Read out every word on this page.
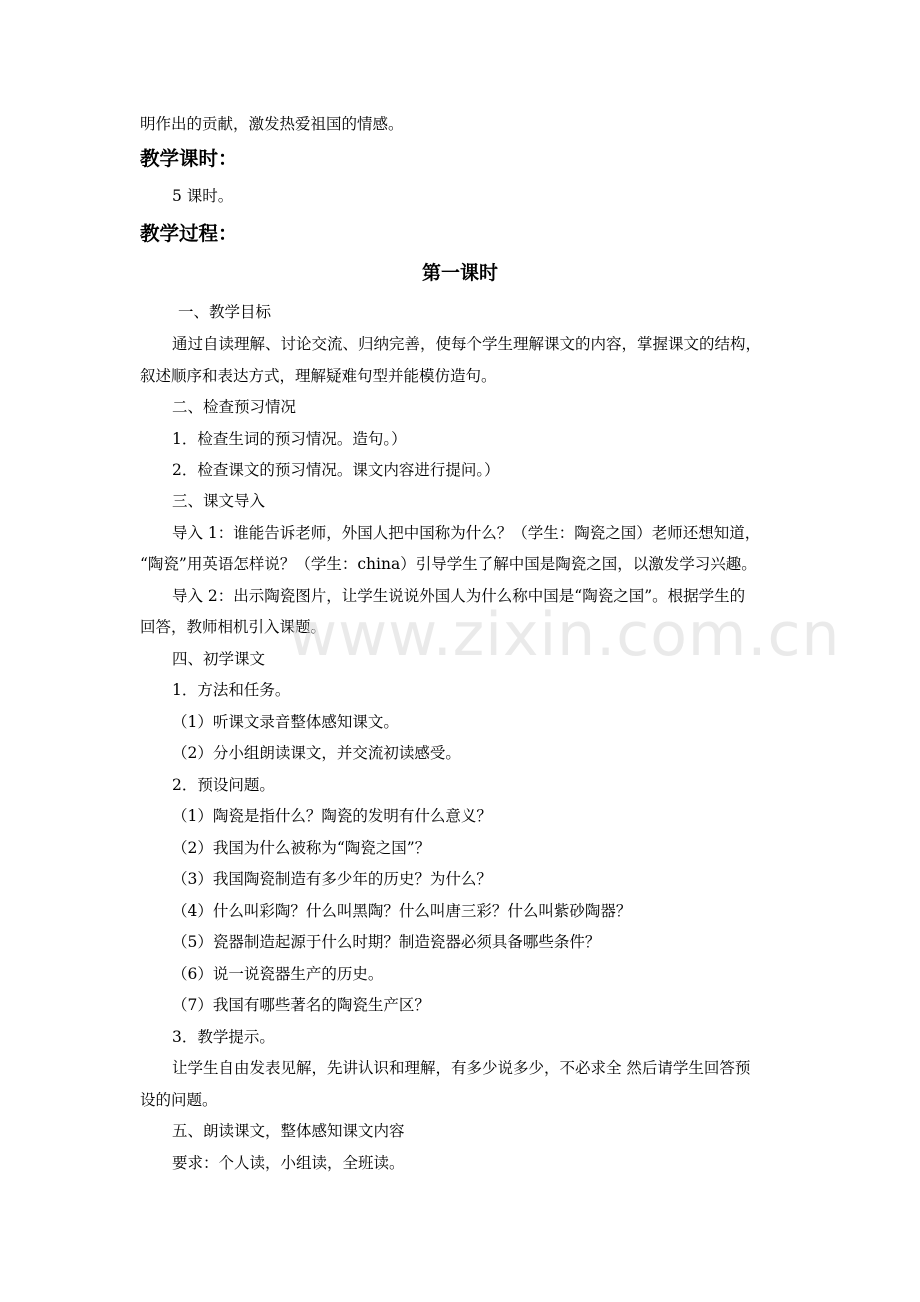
明作出的贡献，激发热爱祖国的情感。
教学课时：
5 课时。
教学过程：
第一课时
一、教学目标
通过自读理解、讨论交流、归纳完善，使每个学生理解课文的内容，掌握课文的结构，
叙述顺序和表达方式，理解疑难句型并能模仿造句。
二、检查预习情况
1．检查生词的预习情况。造句。）
2．检查课文的预习情况。课文内容进行提问。）
三、课文导入
导入 1：谁能告诉老师，外国人把中国称为什么？（学生：陶瓷之国）老师还想知道，
“陶瓷”用英语怎样说？（学生：china）引导学生了解中国是陶瓷之国，以激发学习兴趣。
导入 2：出示陶瓷图片，让学生说说外国人为什么称中国是“陶瓷之国”。根据学生的
回答，教师相机引入课题。
四、初学课文
1．方法和任务。
（1）听课文录音整体感知课文。
（2）分小组朗读课文，并交流初读感受。
2．预设问题。
（1）陶瓷是指什么？陶瓷的发明有什么意义？
（2）我国为什么被称为“陶瓷之国”？
（3）我国陶瓷制造有多少年的历史？为什么？
（4）什么叫彩陶？什么叫黑陶？什么叫唐三彩？什么叫紫砂陶器？
（5）瓷器制造起源于什么时期？制造瓷器必须具备哪些条件？
（6）说一说瓷器生产的历史。
（7）我国有哪些著名的陶瓷生产区？
3．教学提示。
让学生自由发表见解，先讲认识和理解，有多少说多少，不必求全 然后请学生回答预
设的问题。
五、朗读课文，整体感知课文内容
要求：个人读，小组读，全班读。
www.zixin.com.cn
